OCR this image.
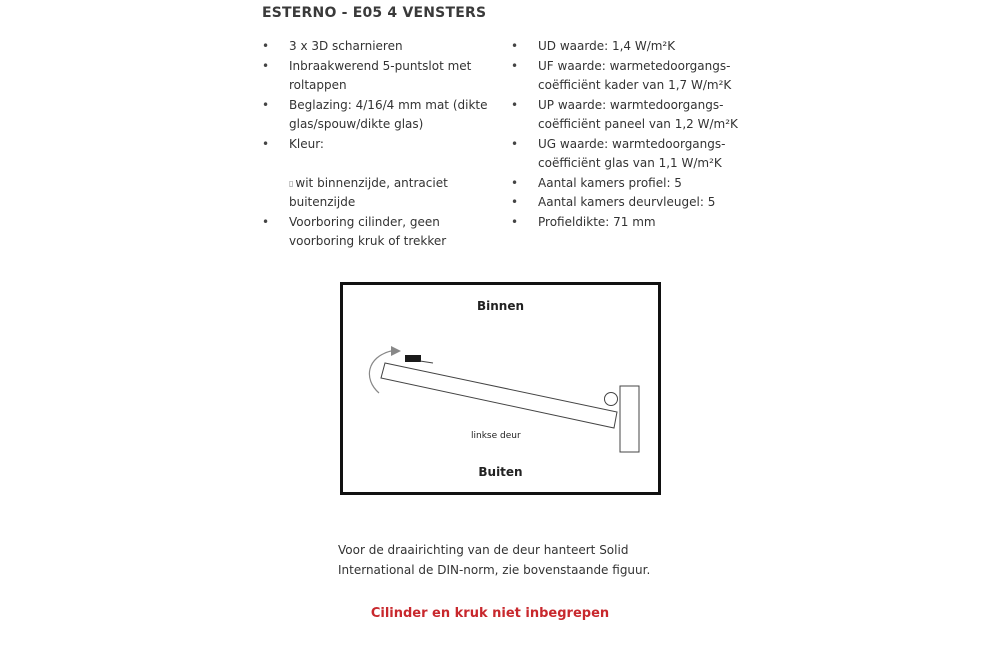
ESTERNO - E05 4 VENSTERS
• 3 x 3D scharnieren
• Inbraakwerend 5-puntslot met roltappen
• Beglazing: 4/16/4 mm mat (dikte glas/spouw/dikte glas)
• Kleur:
▯ wit binnenzijde, antraciet buitenzijde
• Voorboring cilinder, geen voorboring kruk of trekker
• UD waarde: 1,4 W/m²K
• UF waarde: warmetedoorgangs-coëfficiënt kader van 1,7 W/m²K
• UP waarde: warmtedoorgangs-coëfficiënt paneel van 1,2 W/m²K
• UG waarde: warmtedoorgangs-coëfficiënt glas van 1,1 W/m²K
• Aantal kamers profiel: 5
• Aantal kamers deurvleugel: 5
• Profieldikte: 71 mm
Binnen
linkse deur
Buiten
Voor de draairichting van de deur hanteert Solid International de DIN-norm, zie bovenstaande figuur.
Cilinder en kruk niet inbegrepen
